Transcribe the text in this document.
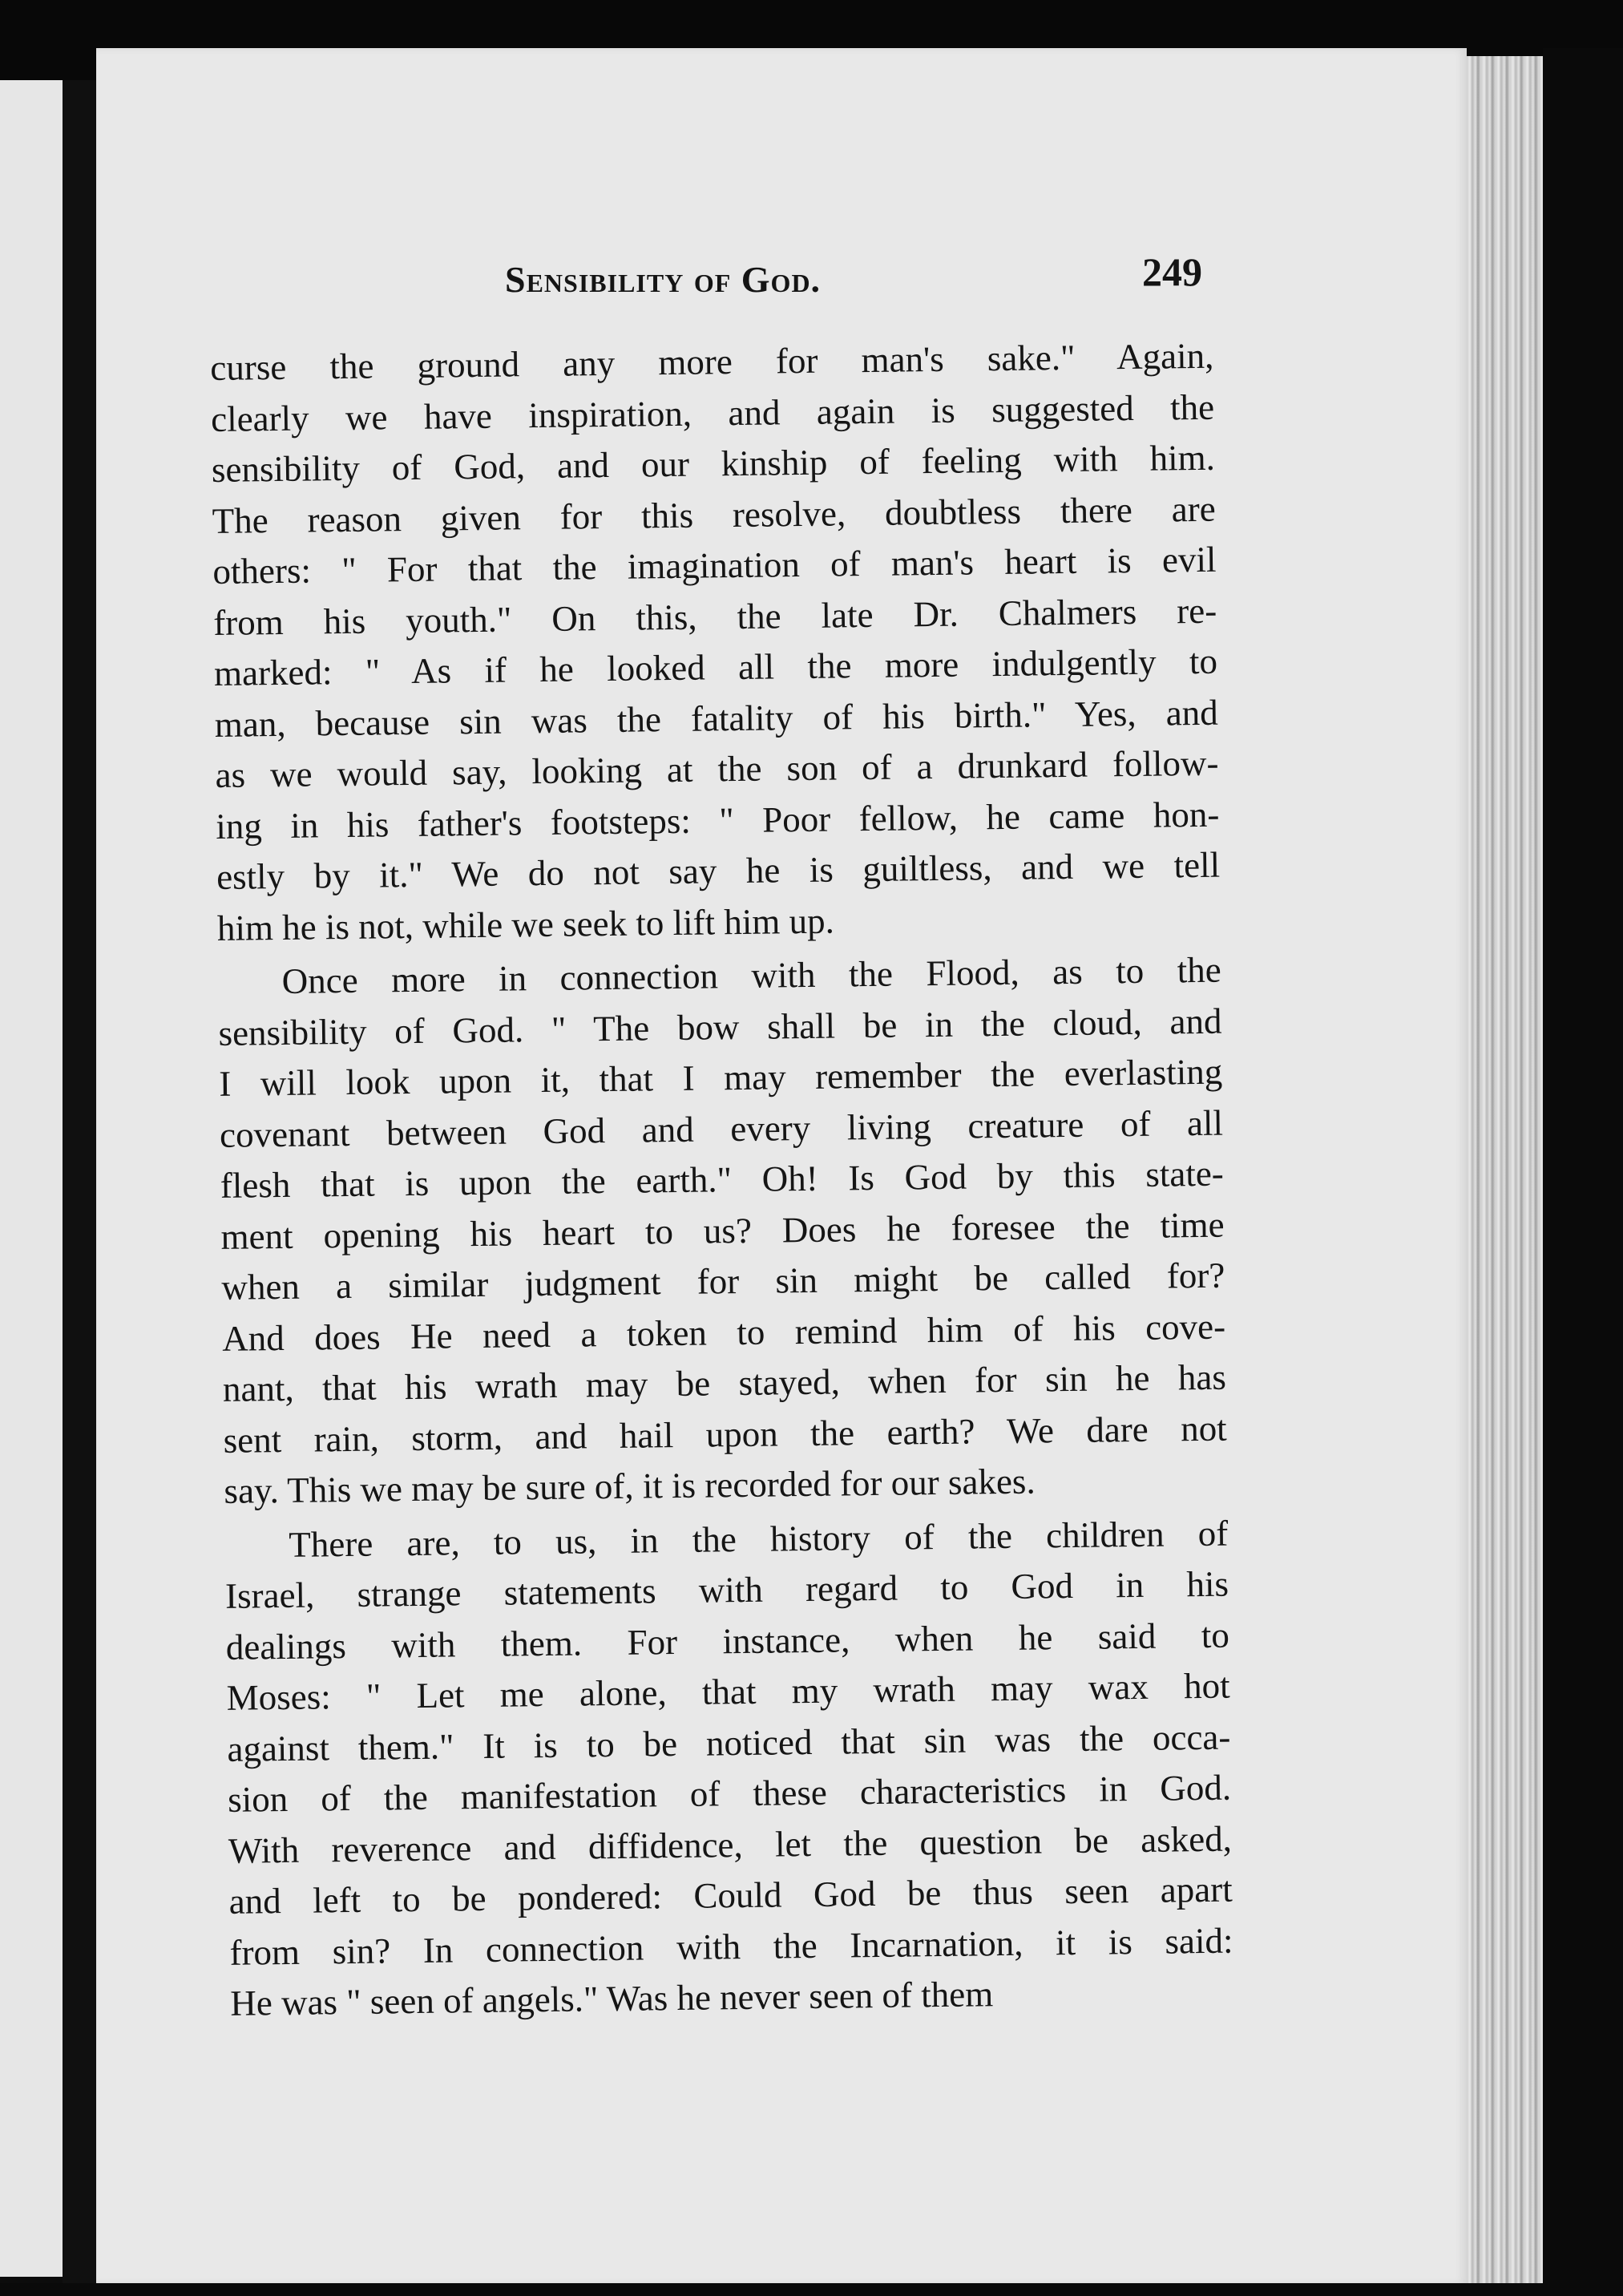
Sensibility of God.	249
curse the ground any more for man's sake." Again,
clearly we have inspiration, and again is suggested the
sensibility of God, and our kinship of feeling with him.
The reason given for this resolve, doubtless there are
others: " For that the imagination of man's heart is evil
from his youth." On this, the late Dr. Chalmers re-
marked: " As if he looked all the more indulgently to
man, because sin was the fatality of his birth." Yes, and
as we would say, looking at the son of a drunkard follow-
ing in his father's footsteps: " Poor fellow, he came hon-
estly by it." We do not say he is guiltless, and we tell
him he is not, while we seek to lift him up.
Once more in connection with the Flood, as to the
sensibility of God. " The bow shall be in the cloud, and
I will look upon it, that I may remember the everlasting
covenant between God and every living creature of all
flesh that is upon the earth." Oh! Is God by this state-
ment opening his heart to us? Does he foresee the time
when a similar judgment for sin might be called for?
And does He need a token to remind him of his cove-
nant, that his wrath may be stayed, when for sin he has
sent rain, storm, and hail upon the earth? We dare not
say. This we may be sure of, it is recorded for our sakes.
There are, to us, in the history of the children of
Israel, strange statements with regard to God in his
dealings with them. For instance, when he said to
Moses: " Let me alone, that my wrath may wax hot
against them." It is to be noticed that sin was the occa-
sion of the manifestation of these characteristics in God.
With reverence and diffidence, let the question be asked,
and left to be pondered: Could God be thus seen apart
from sin? In connection with the Incarnation, it is said:
He was " seen of angels." Was he never seen of them
